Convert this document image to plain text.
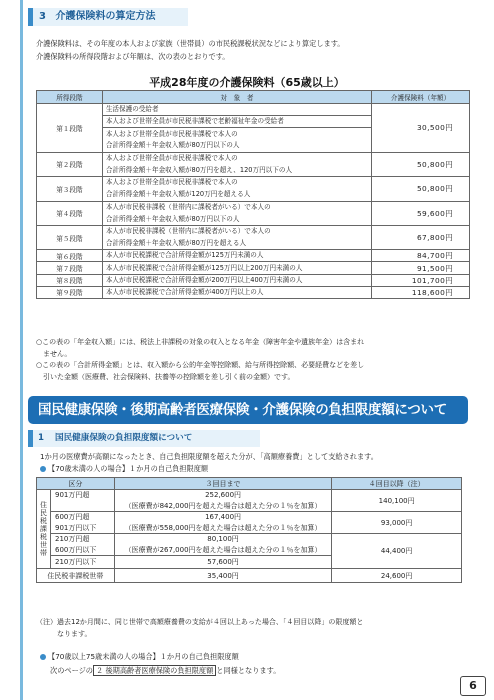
3 介護保険料の算定方法
介護保険料は、その年度の本人および家族（世帯員）の市民税課税状況などにより算定します。
介護保険料の所得段階および年額は、次の表のとおりです。
平成28年度の介護保険料（65歳以上）
所得段階	対　象　者	介護保険料（年額）
第１段階	生活保護の受給者	30,500円
	本人および世帯全員が市民税非課税で老齢福祉年金の受給者	
	本人および世帯全員が市民税非課税で本人の	
	合計所得金額＋年金収入額が80万円以下の人	
第２段階	本人および世帯全員が市民税非課税で本人の	50,800円
	合計所得金額＋年金収入額が80万円を超え、120万円以下の人	
第３段階	本人および世帯全員が市民税非課税で本人の	50,800円
	合計所得金額＋年金収入額が120万円を超える人	
第４段階	本人が市民税非課税（世帯内に課税者がいる）で本人の	59,600円
	合計所得金額＋年金収入額が80万円以下の人	
第５段階	本人が市民税非課税（世帯内に課税者がいる）で本人の	67,800円
	合計所得金額＋年金収入額が80万円を超える人	
第６段階	本人が市民税課税で合計所得金額が125万円未満の人	84,700円
第７段階	本人が市民税課税で合計所得金額が125万円以上200万円未満の人	91,500円
第８段階	本人が市民税課税で合計所得金額が200万円以上400万円未満の人	101,700円
第９段階	本人が市民税課税で合計所得金額が400万円以上の人	118,600円
○この表の「年金収入額」には、税法上非課税の対象の収入となる年金（障害年金や遺族年金）は含まれ
　ません。
○この表の「合計所得金額」とは、収入額から公的年金等控除額、給与所得控除額、必要経費などを差し
　引いた金額（医療費、社会保険料、扶養等の控除額を差し引く前の金額）です。
国民健康保険・後期高齢者医療保険・介護保険の負担限度額について
1 国民健康保険の負担限度額について
1か月の医療費が高額になったとき、自己負担限度額を超えた分が、「高額療養費」として支給されます。
【70歳未満の人の場合】１か月の自己負担限度額
区分		３回目まで	４回目以降（注）
住民税課税世帯	901万円超	252,600円	140,100円
		（医療費が842,000円を超えた場合は超えた分の１％を加算）	
	600万円超	167,400円	93,000円
	901万円以下	（医療費が558,000円を超えた場合は超えた分の１％を加算）	
	210万円超	80,100円	44,400円
	600万円以下	（医療費が267,000円を超えた場合は超えた分の１％を加算）	
	210万円以下	57,600円	
住民税非課税世帯		35,400円	24,600円
（注）過去12か月間に、同じ世帯で高額療養費の支給が４回以上あった場合、「４回目以降」の限度額と
　　　なります。
【70歳以上75歳未満の人の場合】１か月の自己負担限度額
次のページの ２ 後期高齢者医療保険の負担限度額 と同様となります。
6
